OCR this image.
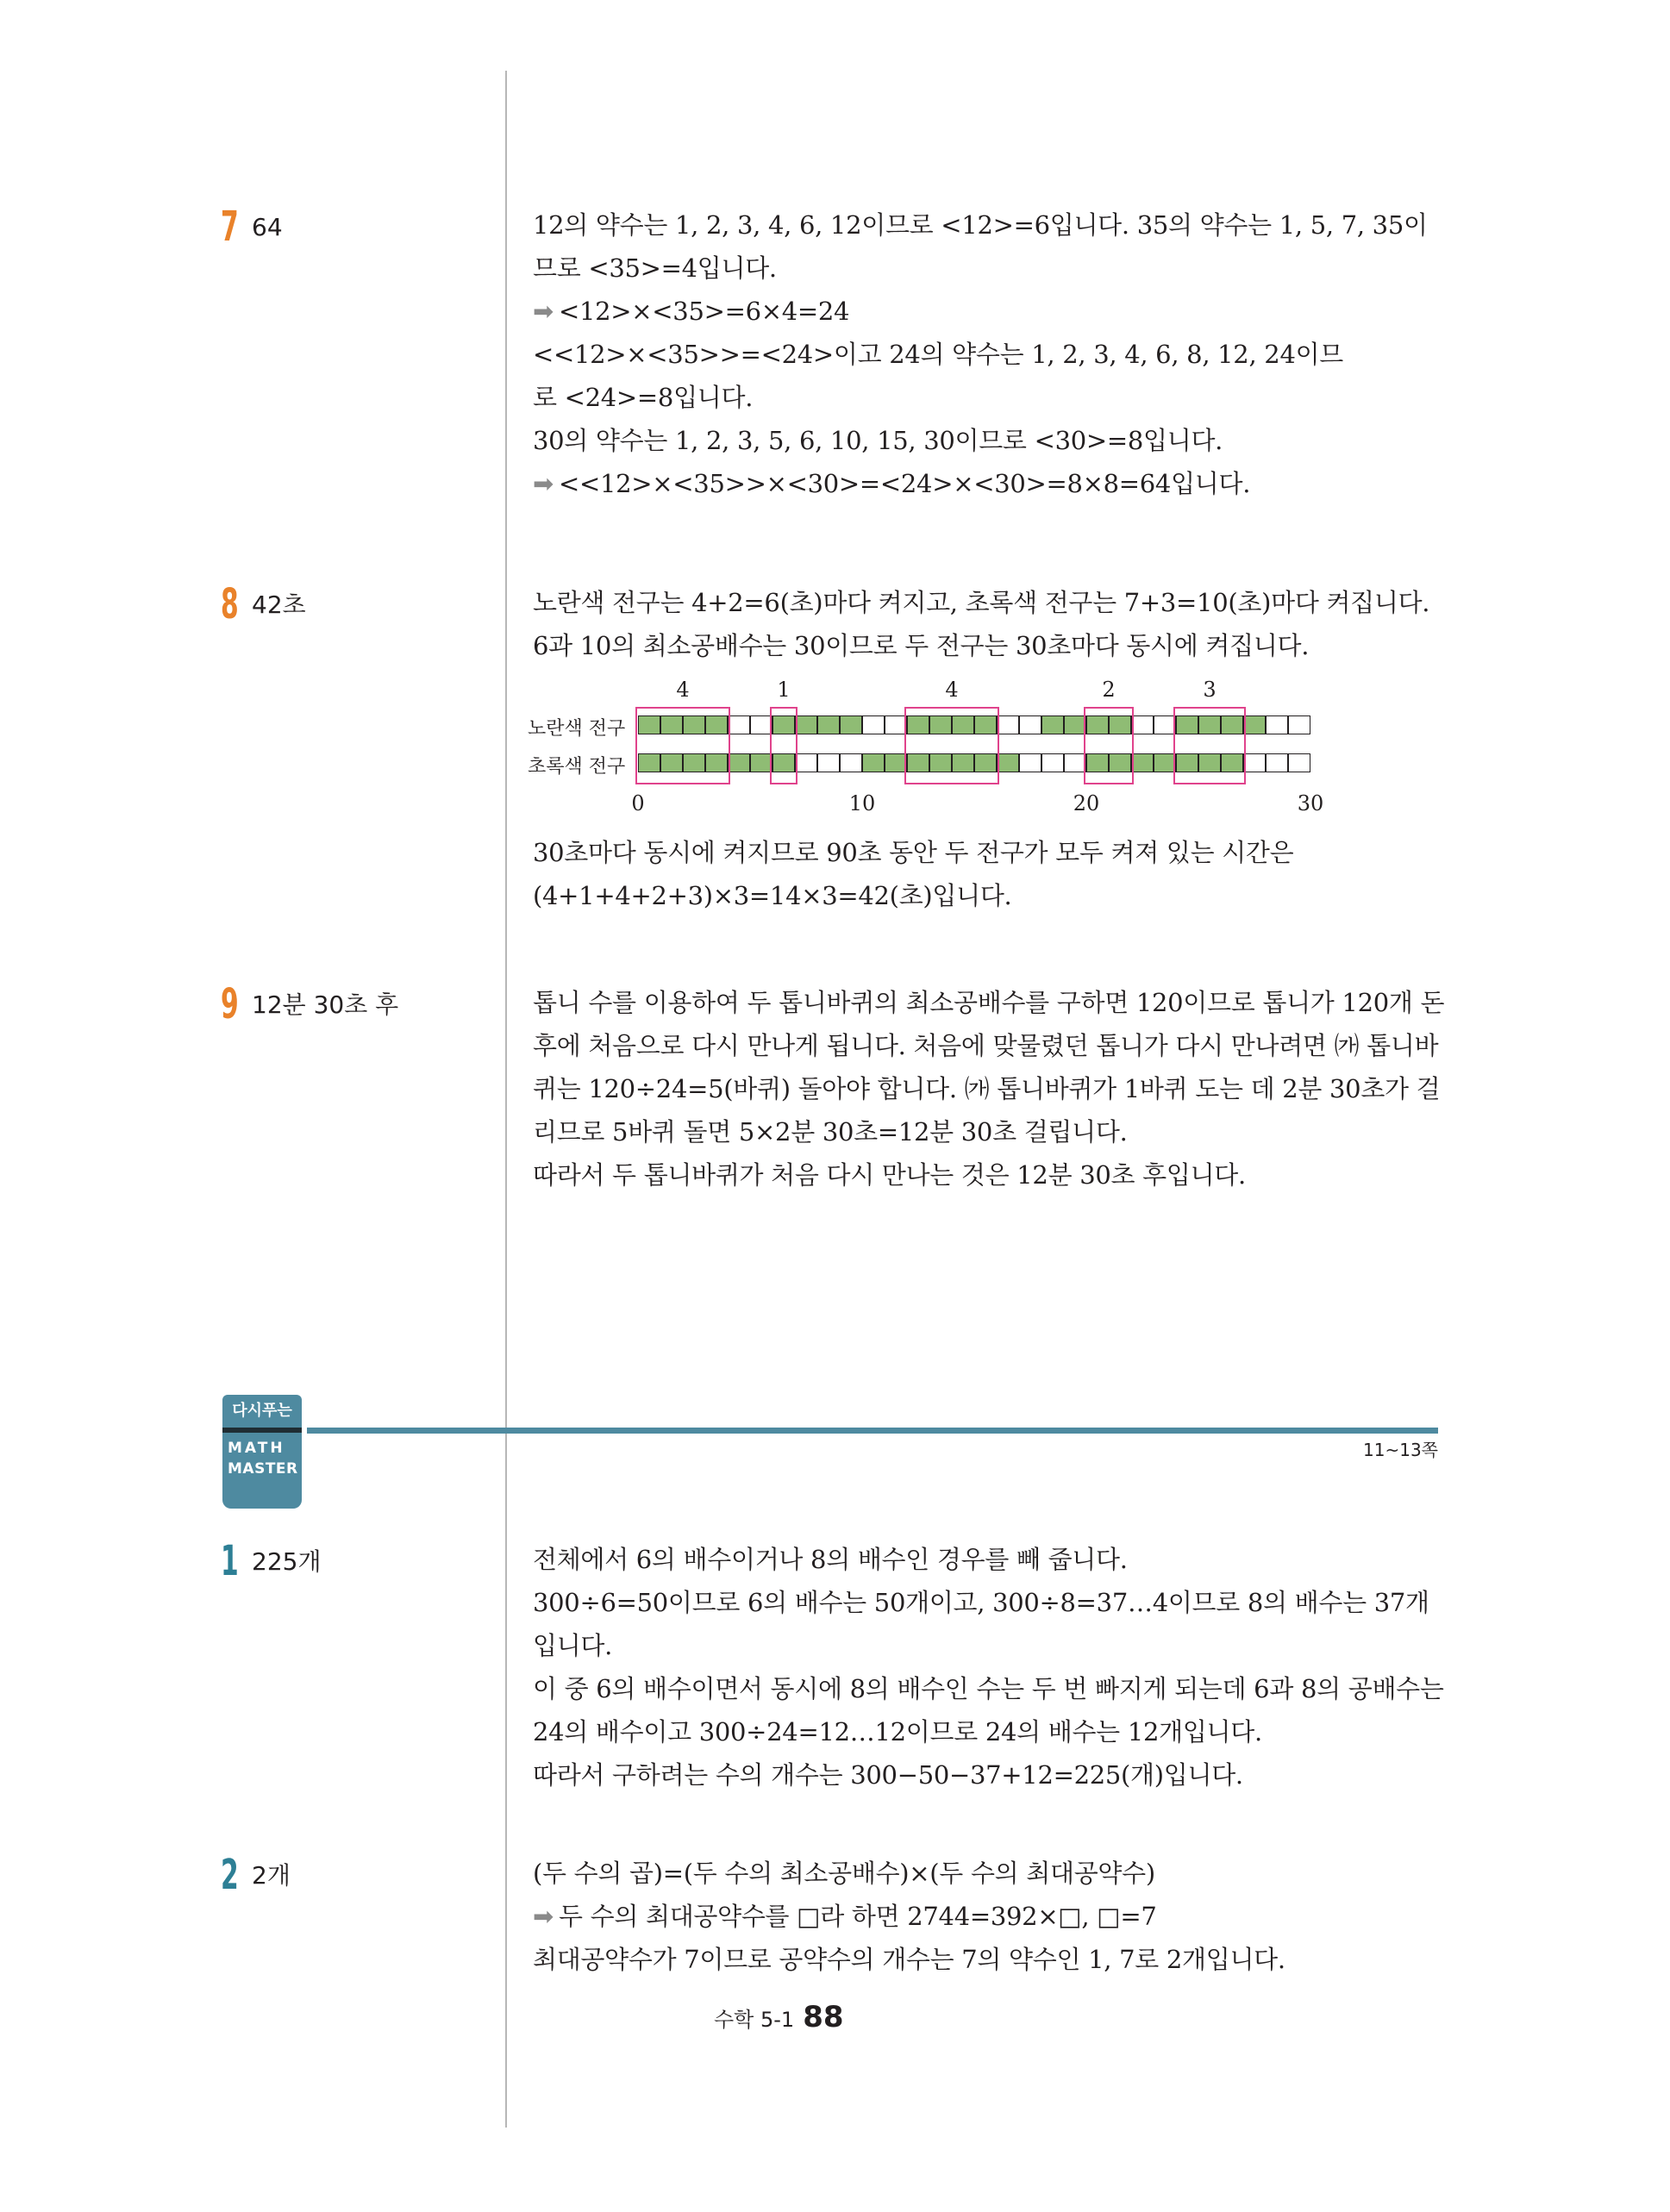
7 64	12의 약수는 1, 2, 3, 4, 6, 12이므로 <12>=6입니다. 35의 약수는 1, 5, 7, 35이
므로 <35>=4입니다.
➡ <12>×<35>=6×4=24
<<12>×<35>>=<24>이고 24의 약수는 1, 2, 3, 4, 6, 8, 12, 24이므
로 <24>=8입니다.
30의 약수는 1, 2, 3, 5, 6, 10, 15, 30이므로 <30>=8입니다.
➡ <<12>×<35>>×<30>=<24>×<30>=8×8=64입니다.
8 42초	노란색 전구는 4+2=6(초)마다 켜지고, 초록색 전구는 7+3=10(초)마다 켜집니다.
6과 10의 최소공배수는 30이므로 두 전구는 30초마다 동시에 켜집니다.
노란색 전구
초록색 전구
4	1	4	2	3
0	10	20	30
30초마다 동시에 켜지므로 90초 동안 두 전구가 모두 켜져 있는 시간은
(4+1+4+2+3)×3=14×3=42(초)입니다.
9 12분 30초 후	톱니 수를 이용하여 두 톱니바퀴의 최소공배수를 구하면 120이므로 톱니가 120개 돈
후에 처음으로 다시 만나게 됩니다. 처음에 맞물렸던 톱니가 다시 만나려면 ㈎ 톱니바
퀴는 120÷24=5(바퀴) 돌아야 합니다. ㈎ 톱니바퀴가 1바퀴 도는 데 2분 30초가 걸
리므로 5바퀴 돌면 5×2분 30초=12분 30초 걸립니다.
따라서 두 톱니바퀴가 처음 다시 만나는 것은 12분 30초 후입니다.
다시푸는
MATH
MASTER
11~13쪽
1 225개	전체에서 6의 배수이거나 8의 배수인 경우를 빼 줍니다.
300÷6=50이므로 6의 배수는 50개이고, 300÷8=37…4이므로 8의 배수는 37개
입니다.
이 중 6의 배수이면서 동시에 8의 배수인 수는 두 번 빠지게 되는데 6과 8의 공배수는
24의 배수이고 300÷24=12…12이므로 24의 배수는 12개입니다.
따라서 구하려는 수의 개수는 300−50−37+12=225(개)입니다.
2 2개	(두 수의 곱)=(두 수의 최소공배수)×(두 수의 최대공약수)
➡ 두 수의 최대공약수를 □라 하면 2744=392×□, □=7
최대공약수가 7이므로 공약수의 개수는 7의 약수인 1, 7로 2개입니다.
수학 5-1 88
